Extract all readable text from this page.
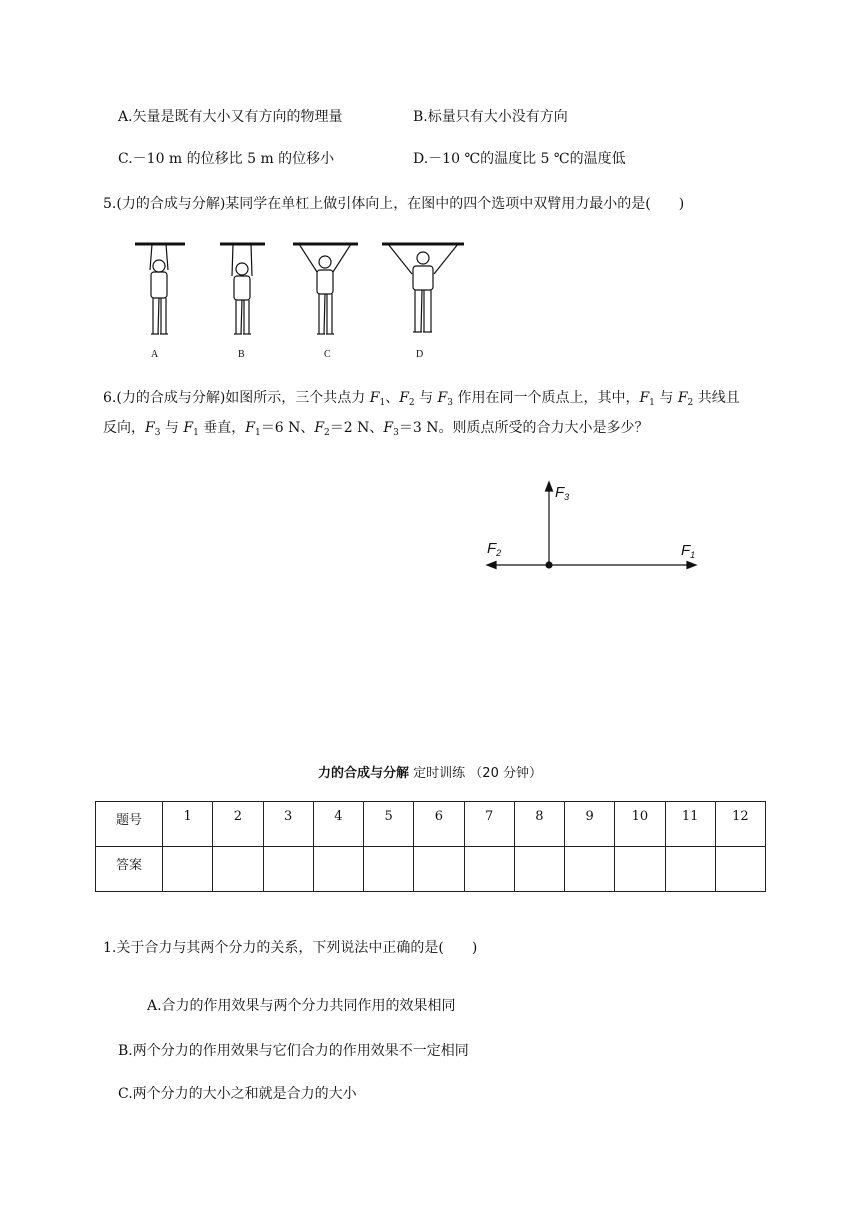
A.矢量是既有大小又有方向的物理量	B.标量只有大小没有方向
C.－10 m 的位移比 5 m 的位移小	D.－10 ℃的温度比 5 ℃的温度低
5.(力的合成与分解)某同学在单杠上做引体向上，在图中的四个选项中双臂用力最小的是(　　)
A	B	C	D
6.(力的合成与分解)如图所示，三个共点力 $F_1$、$F_2$ 与 $F_3$ 作用在同一个质点上，其中，$F_1$ 与 $F_2$ 共线且
反向，$F_3$ 与 $F_1$ 垂直，$F_1=6$ N、$F_2=2$ N、$F_3=3$ N。则质点所受的合力大小是多少？
$F_3$
$F_2$	$F_1$
力的合成与分解 定时训练 （20 分钟）
题号	1	2	3	4	5	6	7	8	9	10	11	12
答案												
1.关于合力与其两个分力的关系，下列说法中正确的是(　　)
A.合力的作用效果与两个分力共同作用的效果相同
B.两个分力的作用效果与它们合力的作用效果不一定相同
C.两个分力的大小之和就是合力的大小
